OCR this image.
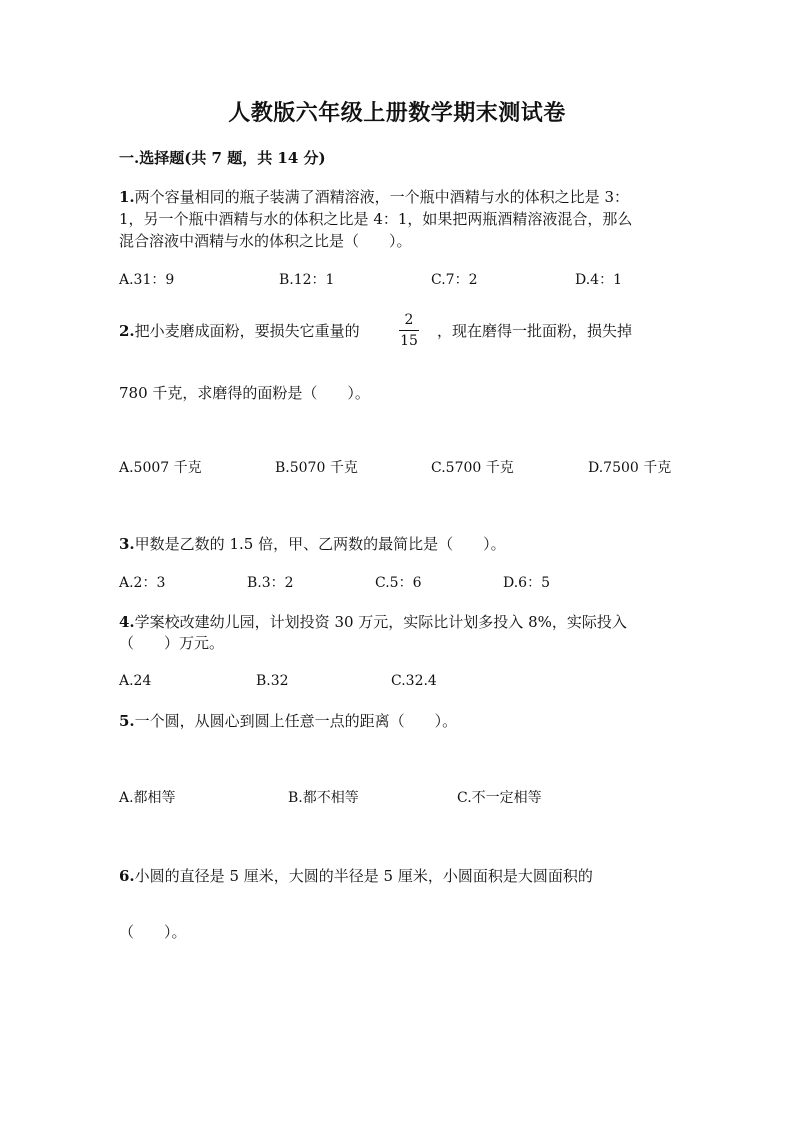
人教版六年级上册数学期末测试卷
一.选择题(共 7 题，共 14 分)
1.两个容量相同的瓶子装满了酒精溶液，一个瓶中酒精与水的体积之比是 3：
1，另一个瓶中酒精与水的体积之比是 4：1，如果把两瓶酒精溶液混合，那么
混合溶液中酒精与水的体积之比是（　　）。
A.31：9	B.12：1	C.7：2	D.4：1
2.把小麦磨成面粉，要损失它重量的
2
15
，现在磨得一批面粉，损失掉
780 千克，求磨得的面粉是（　　）。
A.5007 千克	B.5070 千克	C.5700 千克	D.7500 千克
3.甲数是乙数的 1.5 倍，甲、乙两数的最简比是（　　）。
A.2：3	B.3：2	C.5：6	D.6：5
4.学案校改建幼儿园，计划投资 30 万元，实际比计划多投入 8%，实际投入
（　　）万元。
A.24	B.32	C.32.4
5.一个圆，从圆心到圆上任意一点的距离（　　）。
A.都相等	B.都不相等	C.不一定相等
6.小圆的直径是 5 厘米，大圆的半径是 5 厘米，小圆面积是大圆面积的
（　　）。
